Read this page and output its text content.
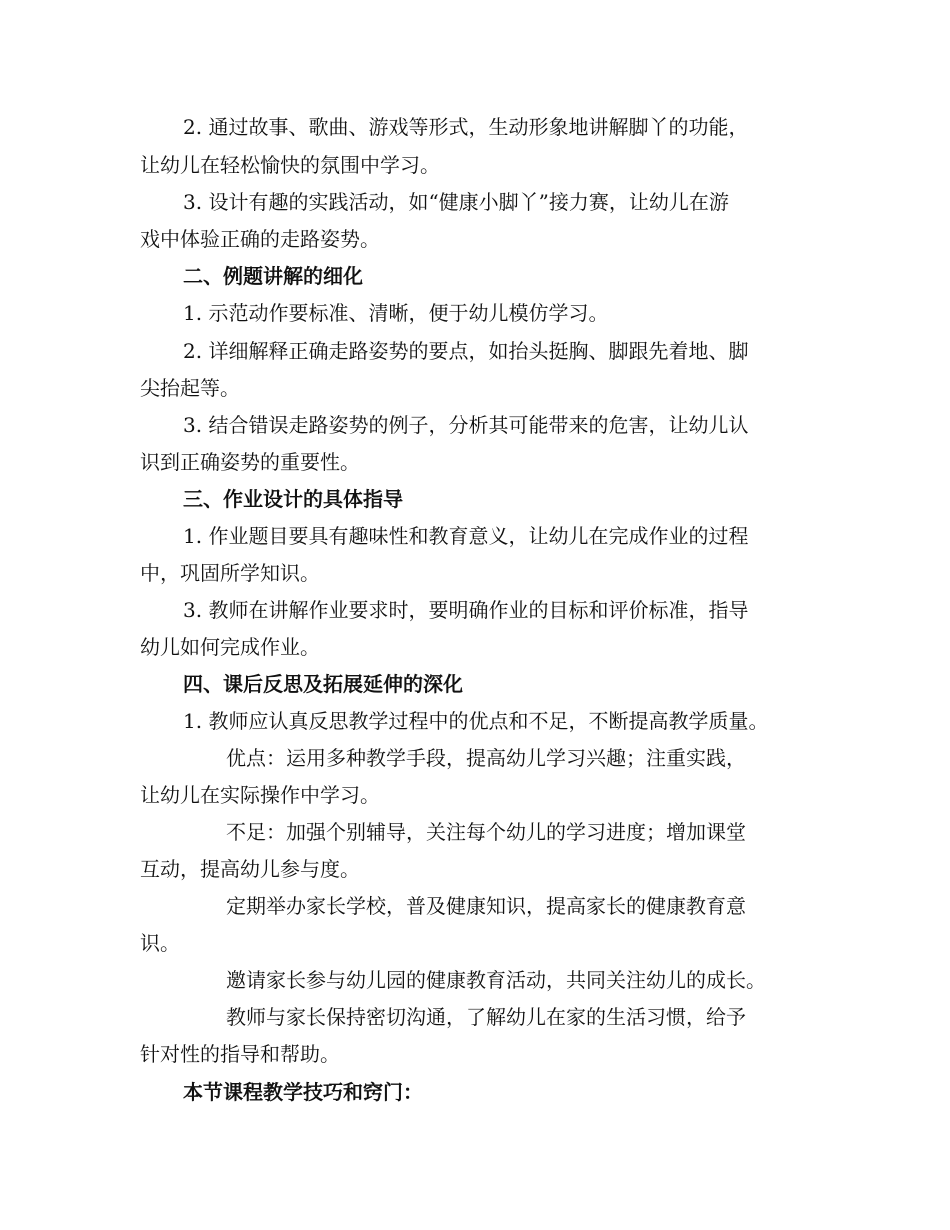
2. 通过故事、歌曲、游戏等形式，生动形象地讲解脚丫的功能，
让幼儿在轻松愉快的氛围中学习。
3. 设计有趣的实践活动，如“健康小脚丫”接力赛，让幼儿在游
戏中体验正确的走路姿势。
二、例题讲解的细化
1. 示范动作要标准、清晰，便于幼儿模仿学习。
2. 详细解释正确走路姿势的要点，如抬头挺胸、脚跟先着地、脚
尖抬起等。
3. 结合错误走路姿势的例子，分析其可能带来的危害，让幼儿认
识到正确姿势的重要性。
三、作业设计的具体指导
1. 作业题目要具有趣味性和教育意义，让幼儿在完成作业的过程
中，巩固所学知识。
3. 教师在讲解作业要求时，要明确作业的目标和评价标准，指导
幼儿如何完成作业。
四、课后反思及拓展延伸的深化
1. 教师应认真反思教学过程中的优点和不足，不断提高教学质量。
优点：运用多种教学手段，提高幼儿学习兴趣；注重实践，
让幼儿在实际操作中学习。
不足：加强个别辅导，关注每个幼儿的学习进度；增加课堂
互动，提高幼儿参与度。
定期举办家长学校，普及健康知识，提高家长的健康教育意
识。
邀请家长参与幼儿园的健康教育活动，共同关注幼儿的成长。
教师与家长保持密切沟通，了解幼儿在家的生活习惯，给予
针对性的指导和帮助。
本节课程教学技巧和窍门：
